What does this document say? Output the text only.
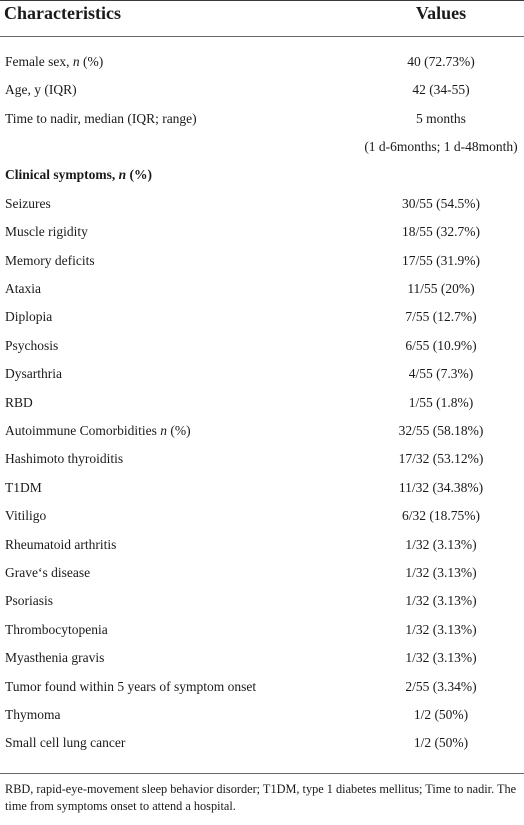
Characteristics	Values
Female sex, n (%)	40 (72.73%)
Age, y (IQR)	42 (34-55)
Time to nadir, median (IQR; range)	5 months
(1 d-6months; 1 d-48month)
Clinical symptoms, n (%)
Seizures	30/55 (54.5%)
Muscle rigidity	18/55 (32.7%)
Memory deficits	17/55 (31.9%)
Ataxia	11/55 (20%)
Diplopia	7/55 (12.7%)
Psychosis	6/55 (10.9%)
Dysarthria	4/55 (7.3%)
RBD	1/55 (1.8%)
Autoimmune Comorbidities n (%)	32/55 (58.18%)
Hashimoto thyroiditis	17/32 (53.12%)
T1DM	11/32 (34.38%)
Vitiligo	6/32 (18.75%)
Rheumatoid arthritis	1/32 (3.13%)
Grave‘s disease	1/32 (3.13%)
Psoriasis	1/32 (3.13%)
Thrombocytopenia	1/32 (3.13%)
Myasthenia gravis	1/32 (3.13%)
Tumor found within 5 years of symptom onset	2/55 (3.34%)
Thymoma	1/2 (50%)
Small cell lung cancer	1/2 (50%)
RBD, rapid-eye-movement sleep behavior disorder; T1DM, type 1 diabetes mellitus; Time to nadir. The time from symptoms onset to attend a hospital.
